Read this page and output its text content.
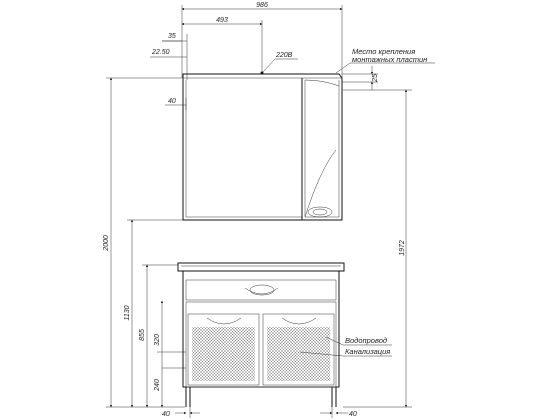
986
493
35
22.50	220В	Место крепления
монтажных пластин
25
40
2000
1130
855 320
240
1972
Водопровод
Канализация
40	40
